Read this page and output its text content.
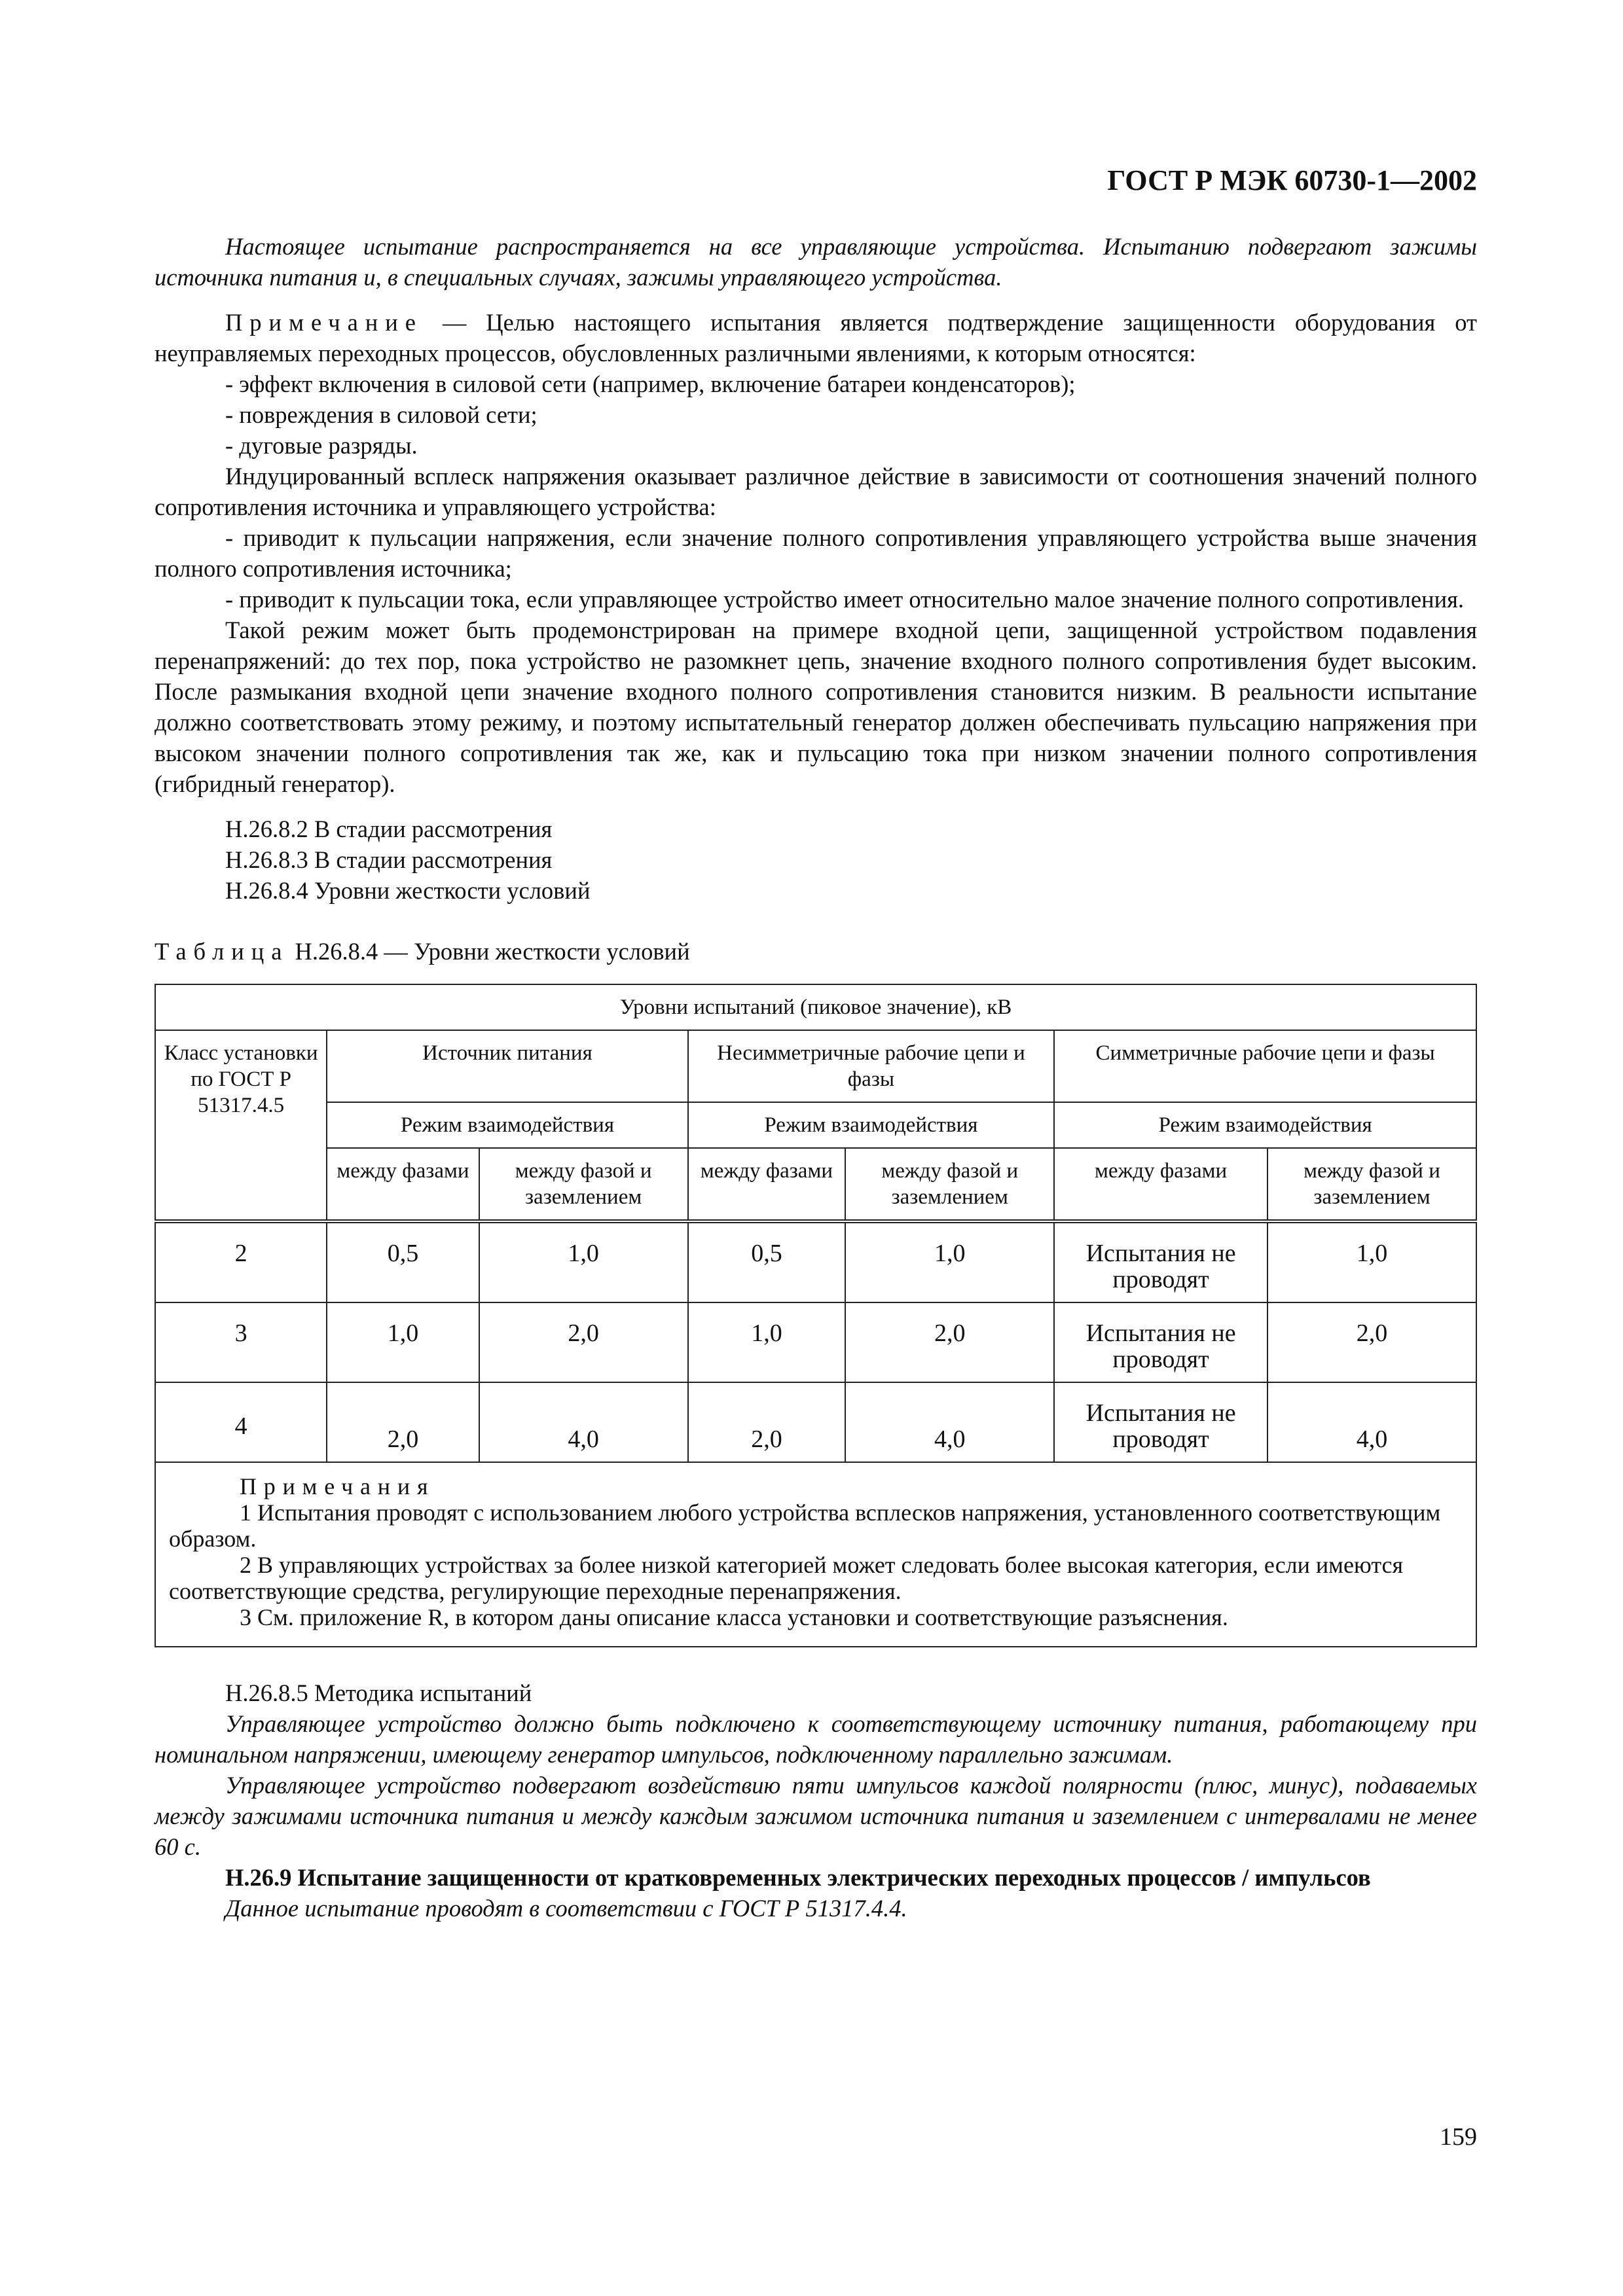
ГОСТ Р МЭК 60730-1—2002

Настоящее испытание распространяется на все управляющие устройства. Испытанию подвергают зажимы источника питания и, в специальных случаях, зажимы управляющего устройства.

Примечание — Целью настоящего испытания является подтверждение защищенности оборудования от неуправляемых переходных процессов, обусловленных различными явлениями, к которым относятся:

- эффект включения в силовой сети (например, включение батареи конденсаторов);

- повреждения в силовой сети;

- дуговые разряды.

Индуцированный всплеск напряжения оказывает различное действие в зависимости от соотношения значений полного сопротивления источника и управляющего устройства:

- приводит к пульсации напряжения, если значение полного сопротивления управляющего устройства выше значения полного сопротивления источника;

- приводит к пульсации тока, если управляющее устройство имеет относительно малое значение полного сопротивления.

Такой режим может быть продемонстрирован на примере входной цепи, защищенной устройством подавления перенапряжений: до тех пор, пока устройство не разомкнет цепь, значение входного полного сопротивления будет высоким. После размыкания входной цепи значение входного полного сопротивления становится низким. В реальности испытание должно соответствовать этому режиму, и поэтому испытательный генератор должен обеспечивать пульсацию напряжения при высоком значении полного сопротивления так же, как и пульсацию тока при низком значении полного сопротивления (гибридный генератор).

Н.26.8.2 В стадии рассмотрения

Н.26.8.3 В стадии рассмотрения

Н.26.8.4 Уровни жесткости условий

Таблица Н.26.8.4 — Уровни жесткости условий

Уровни испытаний (пиковое значение), кВ						
Класс установки по ГОСТ Р 51317.4.5	Источник питания		Несимметричные рабочие цепи и фазы		Симметричные рабочие цепи и фазы	
	Режим взаимодействия		Режим взаимодействия		Режим взаимодействия	
	между фазами	между фазой и заземлением	между фазами	между фазой и заземлением	между фазами	между фазой и заземлением
2	0,5	1,0	0,5	1,0	Испытания не проводят	1,0
3	1,0	2,0	1,0	2,0	Испытания не проводят	2,0
4	2,0	4,0	2,0	4,0	Испытания не проводят	4,0

Примечания
1 Испытания проводят с использованием любого устройства всплесков напряжения, установленного соответствующим образом.
2 В управляющих устройствах за более низкой категорией может следовать более высокая категория, если имеются соответствующие средства, регулирующие переходные перенапряжения.
3 См. приложение R, в котором даны описание класса установки и соответствующие разъяснения.						

Н.26.8.5 Методика испытаний

Управляющее устройство должно быть подключено к соответствующему источнику питания, работающему при номинальном напряжении, имеющему генератор импульсов, подключенному параллельно зажимам.

Управляющее устройство подвергают воздействию пяти импульсов каждой полярности (плюс, минус), подаваемых между зажимами источника питания и между каждым зажимом источника питания и заземлением с интервалами не менее 60 с.

Н.26.9 Испытание защищенности от кратковременных электрических переходных процессов / импульсов

Данное испытание проводят в соответствии с ГОСТ Р 51317.4.4.

159
